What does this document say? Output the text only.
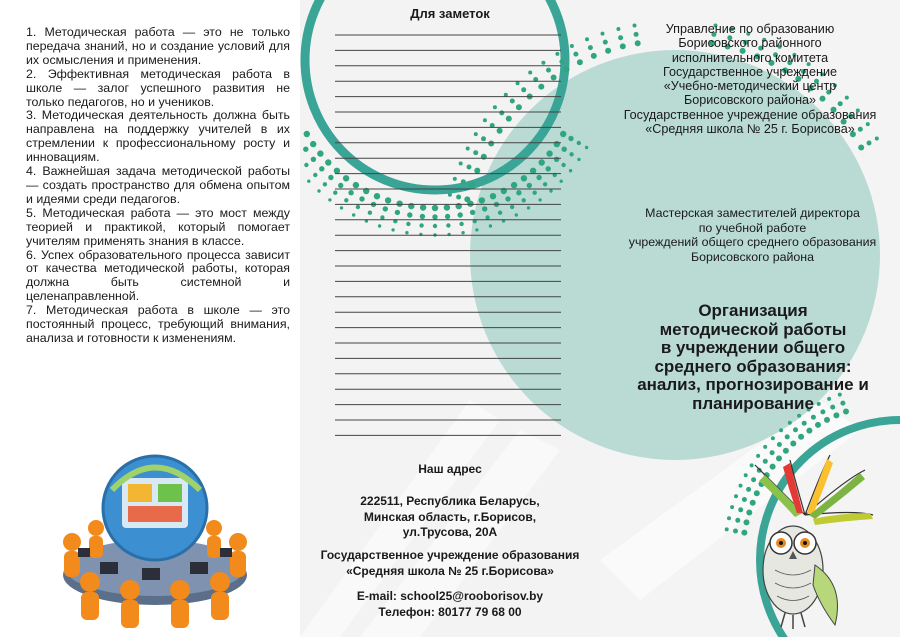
1. Методическая работа — это не только передача знаний, но и создание условий для их осмысления и применения.

2. Эффективная методическая работа в школе — залог успешного развития не только педагогов, но и учеников.

3. Методическая деятельность должна быть направлена на поддержку учителей в их стремлении к профессиональному росту и инновациям.

4. Важнейшая задача методической работы — создать пространство для обмена опытом и идеями среди педагогов.

5. Методическая работа — это мост между теорией и практикой, который помогает учителям применять знания в классе.

6. Успех образовательного процесса зависит от качества методической работы, которая должна быть системной и целенаправленной.

7. Методическая работа в школе — это постоянный процесс, требующий внимания, анализа и готовности к изменениям.

Для заметок
Наш адрес
222511, Республика Беларусь,
Минская область, г.Борисов,
ул.Трусова, 20А
Государственное учреждение образования
«Средняя школа № 25 г.Борисова»
E-mail: school25@rooborisov.by
Телефон: 80177 79 68 00
Управление по образованию
Борисовского районного
исполнительного комитета
Государственное учреждение
«Учебно-методический центр
Борисовского района»
Государственное учреждение образования
«Средняя школа № 25 г. Борисова»
Мастерская заместителей директора
по учебной работе
учреждений общего среднего образования
Борисовского района
Организация
методической работы
в учреждении общего
среднего образования:
анализ, прогнозирование и
планирование
